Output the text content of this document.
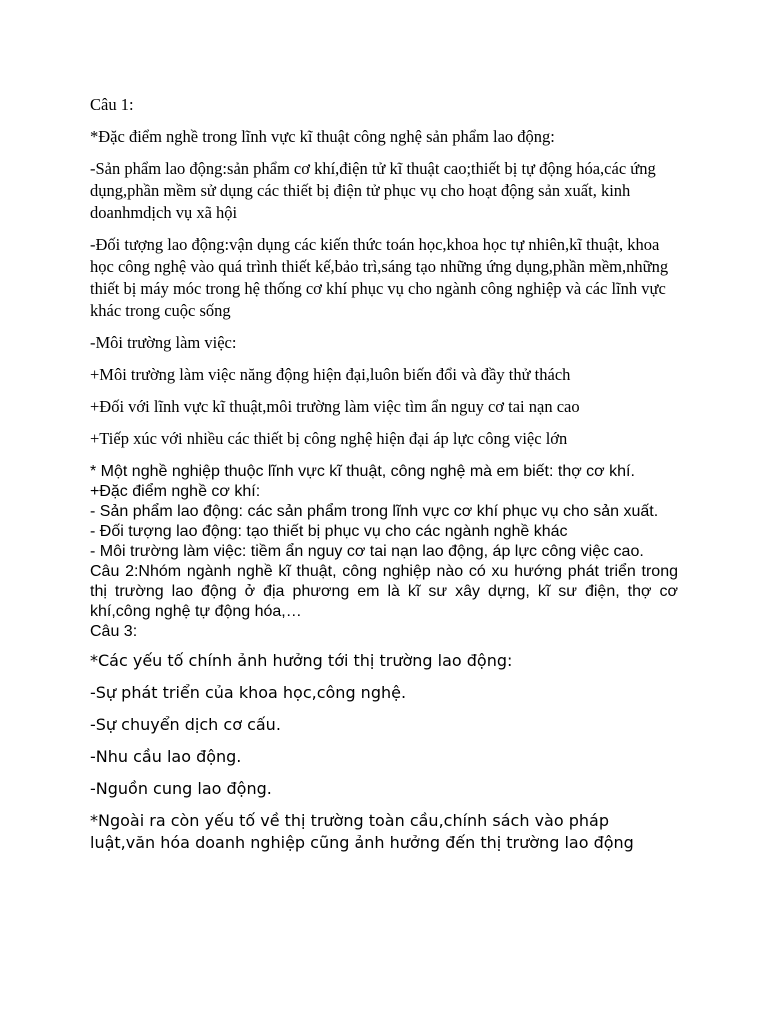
Câu 1:

*Đặc điểm nghề trong lĩnh vực kĩ thuật công nghệ sản phẩm lao động:

-Sản phẩm lao động:sản phẩm cơ khí,điện tử kĩ thuật cao;thiết bị tự động hóa,các ứng dụng,phần mềm sử dụng các thiết bị điện tử phục vụ cho hoạt động sản xuất, kinh doanhmdịch vụ xã hội

-Đối tượng lao động:vận dụng các kiến thức toán học,khoa học tự nhiên,kĩ thuật, khoa học công nghệ vào quá trình thiết kế,bảo trì,sáng tạo những ứng dụng,phần mềm,những thiết bị máy móc trong hệ thống cơ khí phục vụ cho ngành công nghiệp và các lĩnh vực khác trong cuộc sống

-Môi trường làm việc:

+Môi trường làm việc năng động hiện đại,luôn biến đổi và đầy thử thách

+Đối với lĩnh vực kĩ thuật,môi trường làm việc tìm ẩn nguy cơ tai nạn cao

+Tiếp xúc với nhiều các thiết bị công nghệ hiện đại áp lực công việc lớn

* Một nghề nghiệp thuộc lĩnh vực kĩ thuật, công nghệ mà em biết: thợ cơ khí.

+Đặc điểm nghề cơ khí:

- Sản phẩm lao động: các sản phẩm trong lĩnh vực cơ khí phục vụ cho sản xuất.

- Đối tượng lao động: tạo thiết bị phục vụ cho các ngành nghề khác

- Môi trường làm việc: tiềm ẩn nguy cơ tai nạn lao động, áp lực công việc cao.

Câu 2:Nhóm ngành nghề kĩ thuật, công nghiệp nào có xu hướng phát triển trong thị trường lao động ở địa phương em là kĩ sư xây dựng, kĩ sư điện, thợ cơ khí,công nghệ tự động hóa,…

Câu 3:

*Các yếu tố chính ảnh hưởng tới thị trường lao động:

-Sự phát triển của khoa học,công nghệ.

-Sự chuyển dịch cơ cấu.

-Nhu cầu lao động.

-Nguồn cung lao động.

*Ngoài ra còn yếu tố về thị trường toàn cầu,chính sách vào pháp luật,văn hóa doanh nghiệp cũng ảnh hưởng đến thị trường lao động
